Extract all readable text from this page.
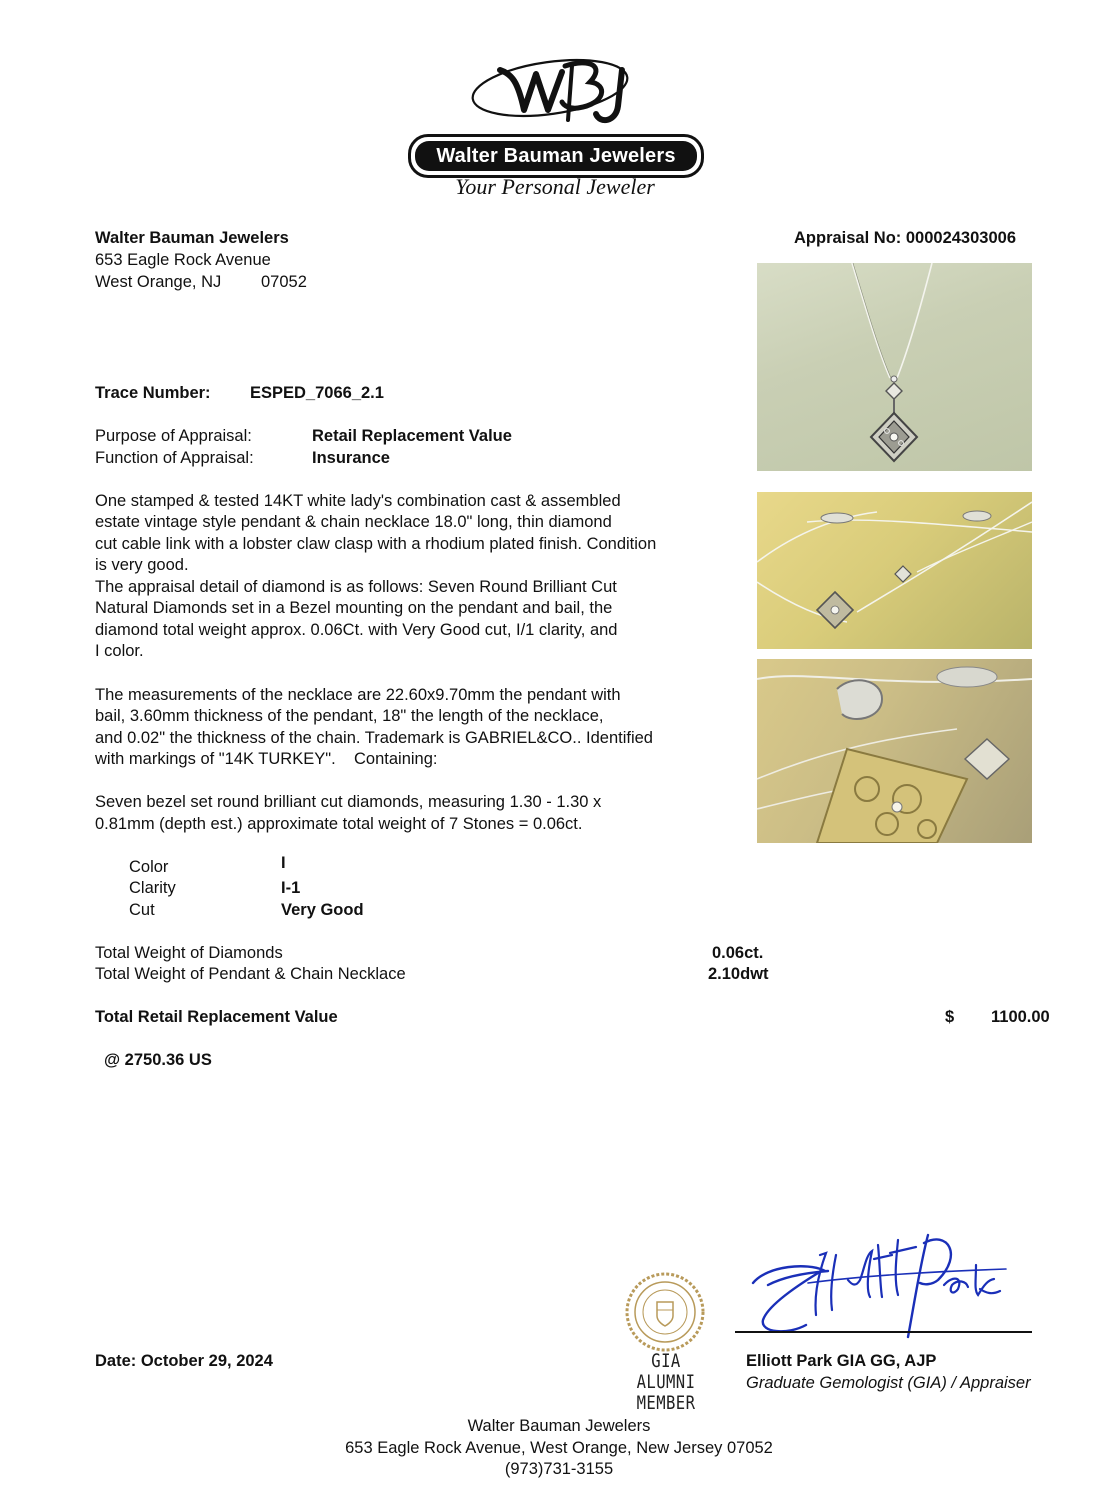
Walter Bauman Jewelers
Your Personal Jeweler
Walter Bauman Jewelers
653 Eagle Rock Avenue
West Orange, NJ 07052
Appraisal No: 000024303006
Trace Number: ESPED_7066_2.1
Purpose of Appraisal:	Retail Replacement Value
Function of Appraisal:	Insurance
One stamped & tested 14KT white lady's combination cast & assembled
estate vintage style pendant & chain necklace 18.0" long, thin diamond
cut cable link with a lobster claw clasp with a rhodium plated finish. Condition
is very good.
The appraisal detail of diamond is as follows: Seven Round Brilliant Cut
Natural Diamonds set in a Bezel mounting on the pendant and bail, the
diamond total weight approx. 0.06Ct. with Very Good cut, I/1 clarity, and
I color.
The measurements of the necklace are 22.60x9.70mm the pendant with
bail, 3.60mm thickness of the pendant, 18" the length of the necklace,
and 0.02" the thickness of the chain. Trademark is GABRIEL&CO.. Identified
with markings of "14K TURKEY".    Containing:
Seven bezel set round brilliant cut diamonds, measuring 1.30 - 1.30 x
0.81mm (depth est.) approximate total weight of 7 Stones = 0.06ct.
Color	I
Clarity	I-1
Cut	Very Good
Total Weight of Diamonds	0.06ct.
Total Weight of Pendant & Chain Necklace	2.10dwt
Total Retail Replacement Value	$ 1100.00
@ 2750.36 US
Date: October 29, 2024	GIA ALUMNI
MEMBER
Elliott Park GIA GG, AJP
Graduate Gemologist (GIA) / Appraiser
Walter Bauman Jewelers
653 Eagle Rock Avenue, West Orange, New Jersey 07052
(973)731-3155
